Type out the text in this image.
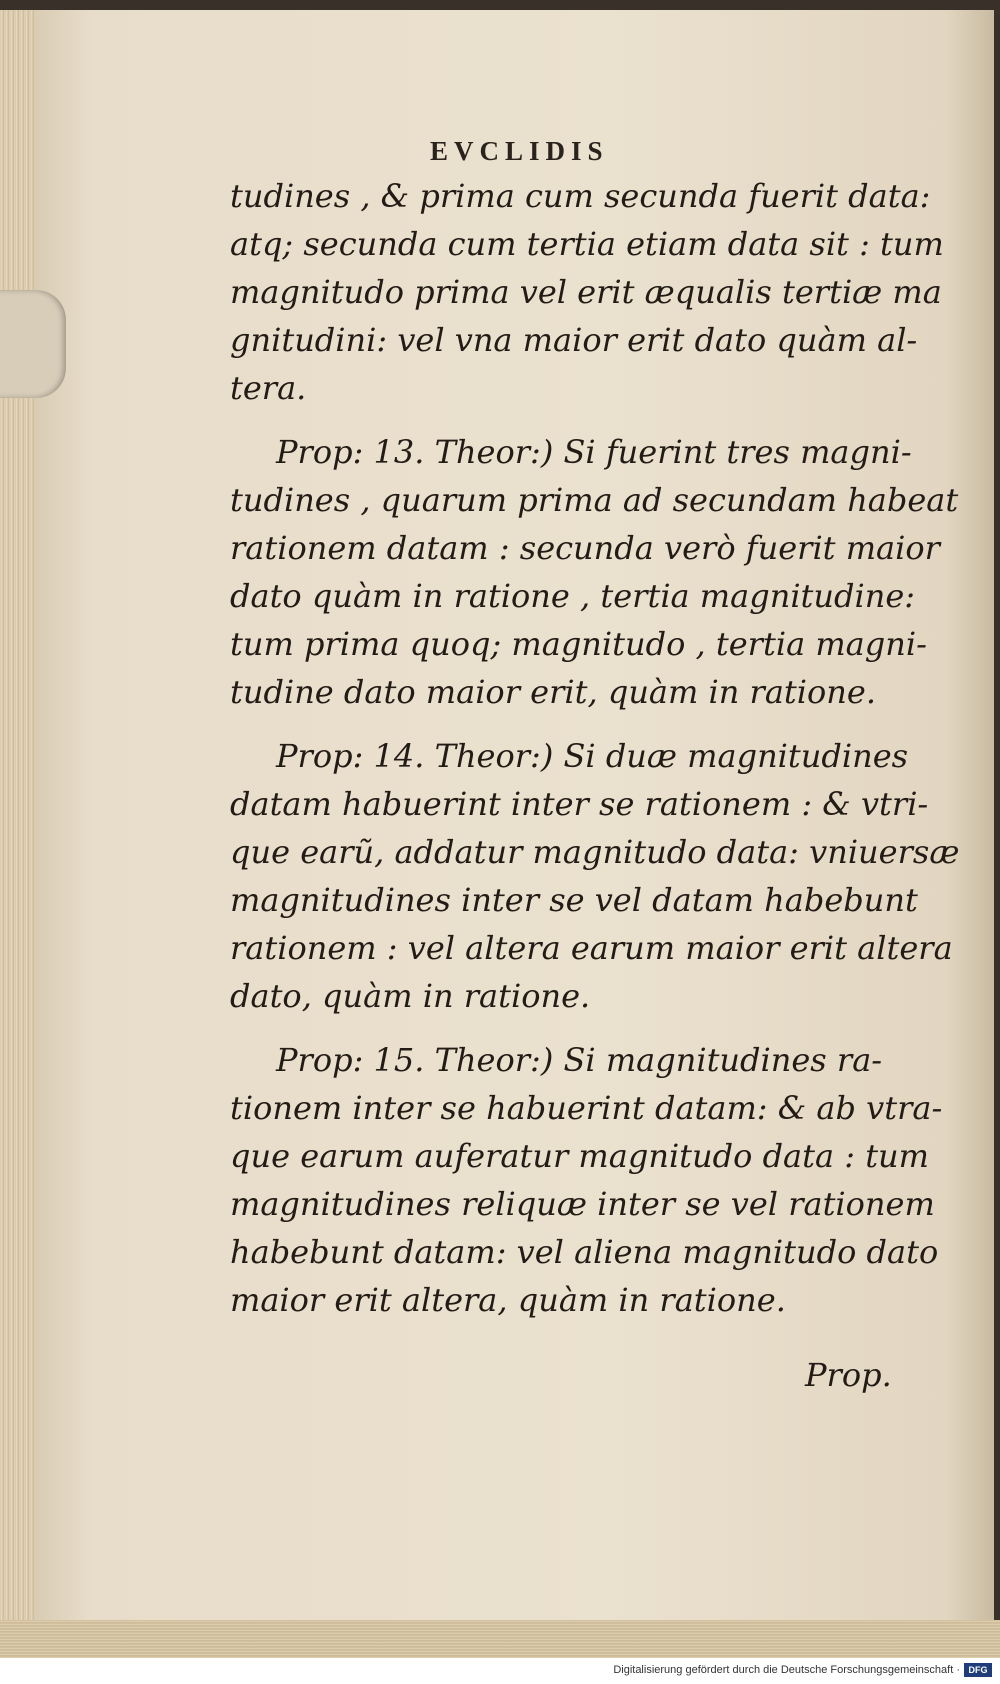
EVCLIDIS
tudines , & prima cum secunda fuerit data:
atq; secunda cum tertia etiam data sit : tum
magnitudo prima vel erit æqualis tertiæ ma
gnitudini: vel vna maior erit dato quàm al-
tera.
Prop: 13. Theor:) Si fuerint tres magni-
tudines , quarum prima ad secundam habeat
rationem datam : secunda verò fuerit maior
dato quàm in ratione , tertia magnitudine:
tum prima quoq; magnitudo , tertia magni-
tudine dato maior erit, quàm in ratione.
Prop: 14. Theor:) Si duæ magnitudines
datam habuerint inter se rationem : & vtri-
que earũ, addatur magnitudo data: vniuersæ
magnitudines inter se vel datam habebunt
rationem : vel altera earum maior erit altera
dato, quàm in ratione.
Prop: 15. Theor:) Si magnitudines ra-
tionem inter se habuerint datam: & ab vtra-
que earum auferatur magnitudo data : tum
magnitudines reliquæ inter se vel rationem
habebunt datam: vel aliena magnitudo dato
maior erit altera, quàm in ratione.
Prop.
Digitalisierung gefördert durch die Deutsche Forschungsgemeinschaft · DFG
